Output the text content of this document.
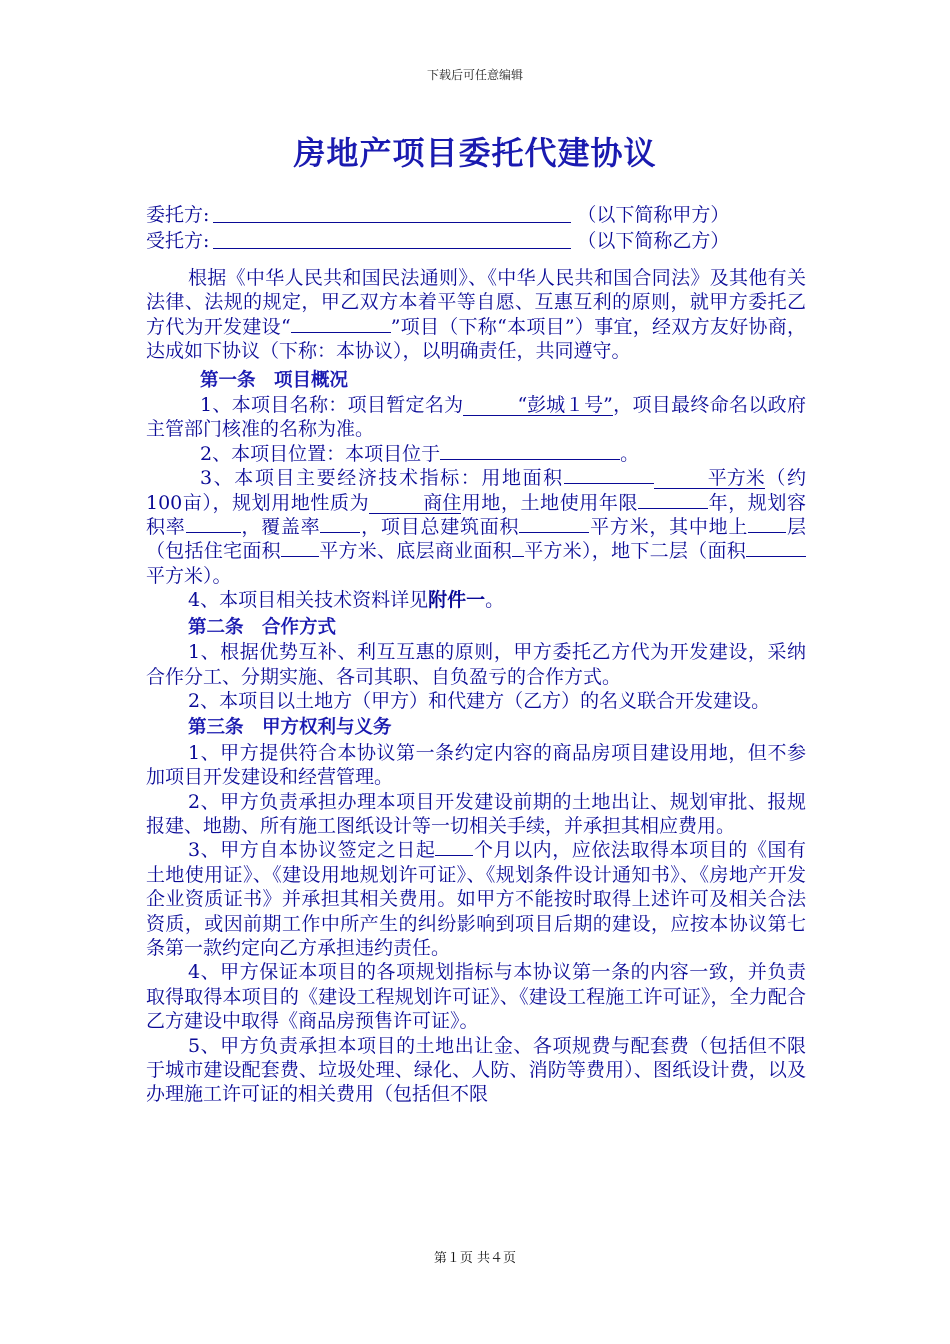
下载后可任意编辑
房地产项目委托代建协议
委托方:	（以下简称甲方）
受托方:	（以下简称乙方）

根据《中华人民共和国民法通则》、《中华人民共和国合同法》及其他有关法律、法规的规定，甲乙双方本着平等自愿、互惠互利的原则，就甲方委托乙方代为开发建设“	”项目（下称“本项目”）事宜，经双方友好协商，达成如下协议（下称：本协议），以明确责任，共同遵守。

第一条　项目概况

1、本项目名称：项目暂定名为	“彭城１号”，项目最终命名以政府主管部门核准的名称为准。

2、本项目位置：本项目位于	。

3、本项目主要经济技术指标：用地面积	平方米（约100亩），规划用地性质为	商住用地，土地使用年限	年，规划容积率	，覆盖率 ，项目总建筑面积	平方米，其中地上 层（包括住宅面积 平方米、底层商业面积 平方米），地下二层（面积平方米）。

4、本项目相关技术资料详见附件一。

第二条　合作方式

1、根据优势互补、利互互惠的原则，甲方委托乙方代为开发建设，采纳合作分工、分期实施、各司其职、自负盈亏的合作方式。

2、本项目以土地方（甲方）和代建方（乙方）的名义联合开发建设。

第三条　甲方权利与义务

1、甲方提供符合本协议第一条约定内容的商品房项目建设用地，但不参加项目开发建设和经营管理。

2、甲方负责承担办理本项目开发建设前期的土地出让、规划审批、报规报建、地勘、所有施工图纸设计等一切相关手续，并承担其相应费用。

3、甲方自本协议签定之日起 个月以内，应依法取得本项目的《国有土地使用证》、《建设用地规划许可证》、《规划条件设计通知书》、《房地产开发企业资质证书》并承担其相关费用。如甲方不能按时取得上述许可及相关合法资质，或因前期工作中所产生的纠纷影响到项目后期的建设，应按本协议第七条第一款约定向乙方承担违约责任。

4、甲方保证本项目的各项规划指标与本协议第一条的内容一致，并负责取得取得本项目的《建设工程规划许可证》、《建设工程施工许可证》，全力配合乙方建设中取得《商品房预售许可证》。

5、甲方负责承担本项目的土地出让金、各项规费与配套费（包括但不限于城市建设配套费、垃圾处理、绿化、人防、消防等费用）、图纸设计费，以及办理施工许可证的相关费用（包括但不限

第１页 共４页
